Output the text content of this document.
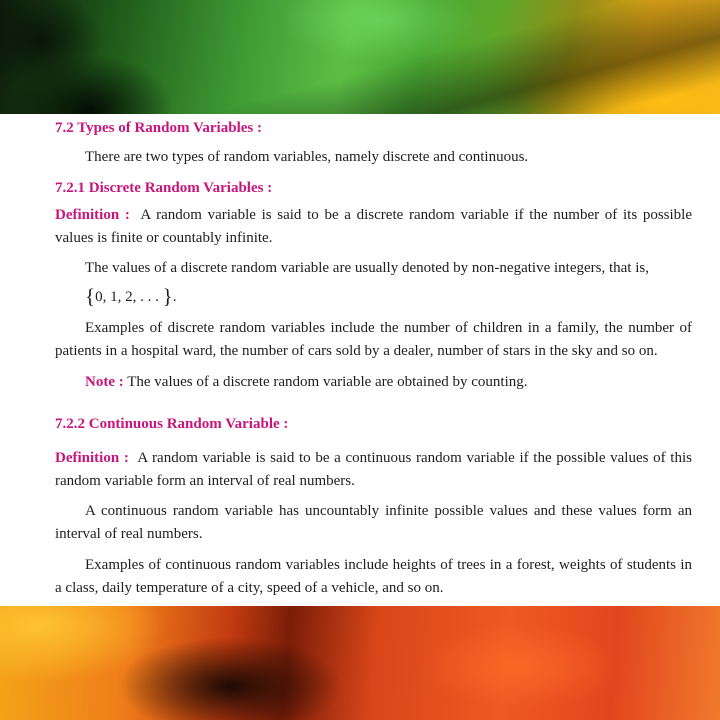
7.2 Types of Random Variables :
There are two types of random variables, namely discrete and continuous.
7.2.1 Discrete Random Variables :
Definition : A random variable is said to be a discrete random variable if the number of its possible values is finite or countably infinite.
The values of a discrete random variable are usually denoted by non-negative integers, that is,
{0, 1, 2, . . . }.
Examples of discrete random variables include the number of children in a family, the number of patients in a hospital ward, the number of cars sold by a dealer, number of stars in the sky and so on.
Note : The values of a discrete random variable are obtained by counting.
7.2.2 Continuous Random Variable :
Definition : A random variable is said to be a continuous random variable if the possible values of this random variable form an interval of real numbers.
A continuous random variable has uncountably infinite possible values and these values form an interval of real numbers.
Examples of continuous random variables include heights of trees in a forest, weights of students in a class, daily temperature of a city, speed of a vehicle, and so on.
